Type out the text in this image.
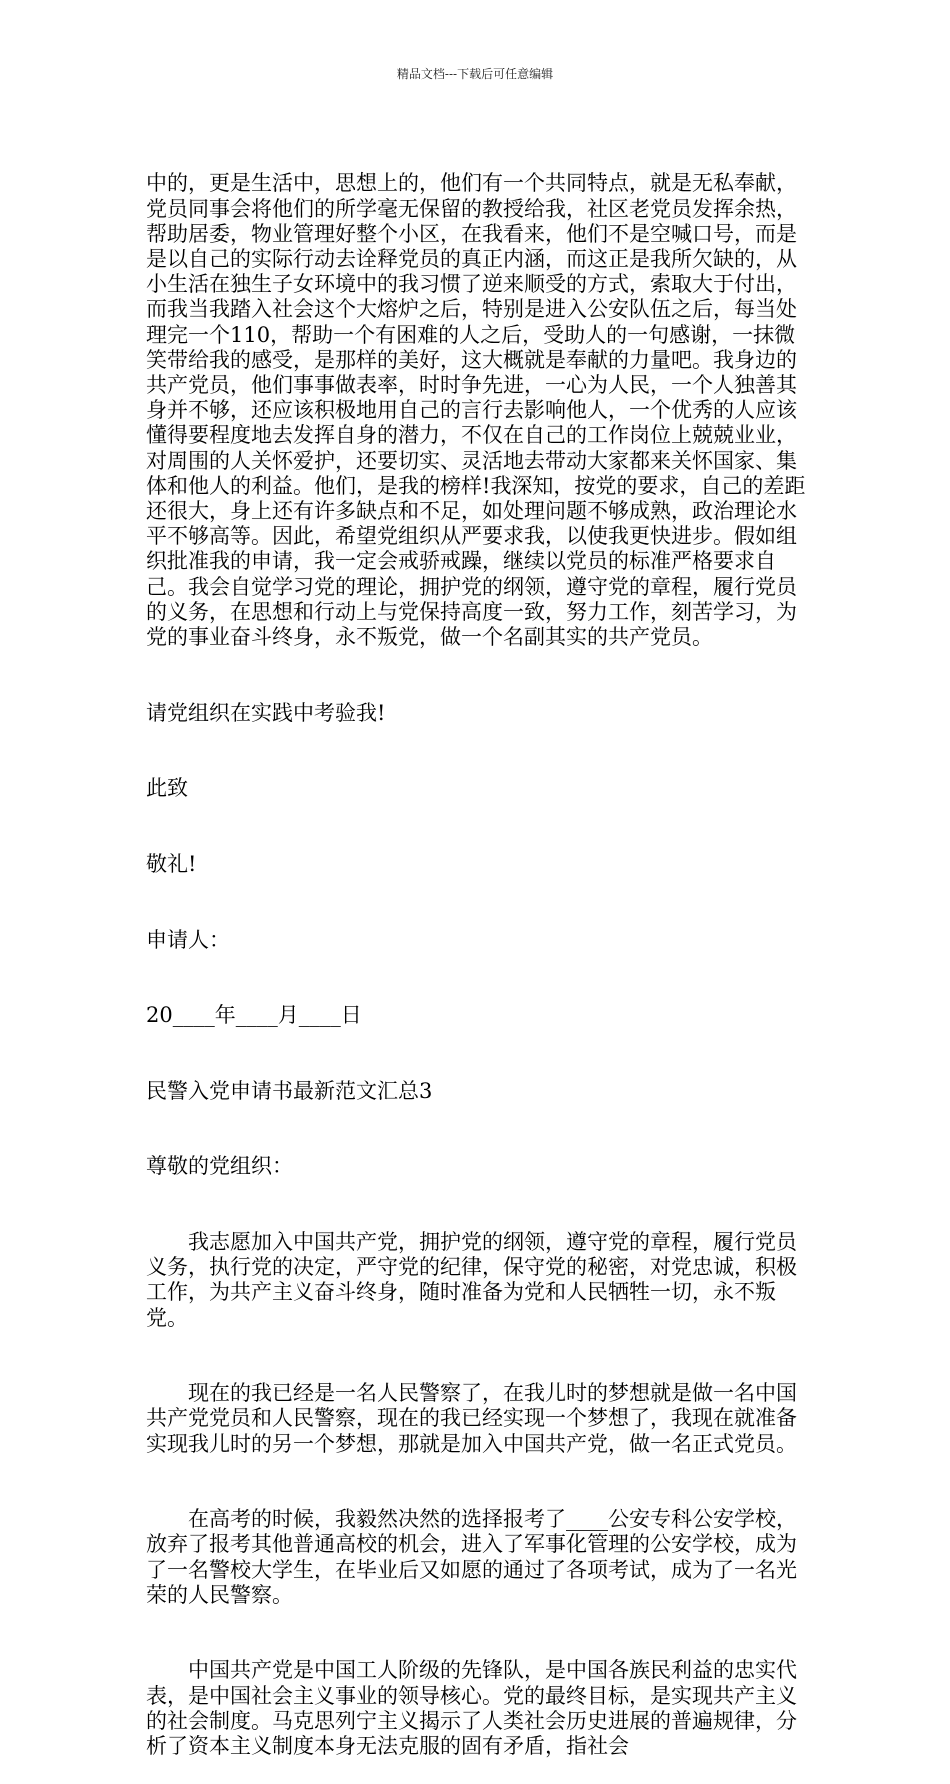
精品文档---下载后可任意编辑

中的，更是生活中，思想上的，他们有一个共同特点，就是无私奉献，党员同事会将他们的所学毫无保留的教授给我，社区老党员发挥余热，帮助居委，物业管理好整个小区，在我看来，他们不是空喊口号，而是是以自己的实际行动去诠释党员的真正内涵，而这正是我所欠缺的，从小生活在独生子女环境中的我习惯了逆来顺受的方式，索取大于付出，而我当我踏入社会这个大熔炉之后，特别是进入公安队伍之后，每当处理完一个110，帮助一个有困难的人之后，受助人的一句感谢，一抹微笑带给我的感受，是那样的美好，这大概就是奉献的力量吧。我身边的共产党员，他们事事做表率，时时争先进，一心为人民，一个人独善其身并不够，还应该积极地用自己的言行去影响他人，一个优秀的人应该懂得要程度地去发挥自身的潜力，不仅在自己的工作岗位上兢兢业业，对周围的人关怀爱护，还要切实、灵活地去带动大家都来关怀国家、集体和他人的利益。他们，是我的榜样!我深知，按党的要求，自己的差距还很大，身上还有许多缺点和不足，如处理问题不够成熟，政治理论水平不够高等。因此，希望党组织从严要求我，以使我更快进步。假如组织批准我的申请，我一定会戒骄戒躁，继续以党员的标准严格要求自己。我会自觉学习党的理论，拥护党的纲领，遵守党的章程，履行党员的义务，在思想和行动上与党保持高度一致，努力工作，刻苦学习，为党的事业奋斗终身，永不叛党，做一个名副其实的共产党员。

请党组织在实践中考验我!

此致

敬礼!

申请人：

20____年____月____日

民警入党申请书最新范文汇总3

尊敬的党组织：

我志愿加入中国共产党，拥护党的纲领，遵守党的章程，履行党员义务，执行党的决定，严守党的纪律，保守党的秘密，对党忠诚，积极工作，为共产主义奋斗终身，随时准备为党和人民牺牲一切，永不叛党。

现在的我已经是一名人民警察了，在我儿时的梦想就是做一名中国共产党党员和人民警察，现在的我已经实现一个梦想了，我现在就准备实现我儿时的另一个梦想，那就是加入中国共产党，做一名正式党员。

在高考的时候，我毅然决然的选择报考了____公安专科公安学校，放弃了报考其他普通高校的机会，进入了军事化管理的公安学校，成为了一名警校大学生，在毕业后又如愿的通过了各项考试，成为了一名光荣的人民警察。

中国共产党是中国工人阶级的先锋队，是中国各族民利益的忠实代表，是中国社会主义事业的领导核心。党的最终目标，是实现共产主义的社会制度。马克思列宁主义揭示了人类社会历史进展的普遍规律，分析了资本主义制度本身无法克服的固有矛盾，指社会
